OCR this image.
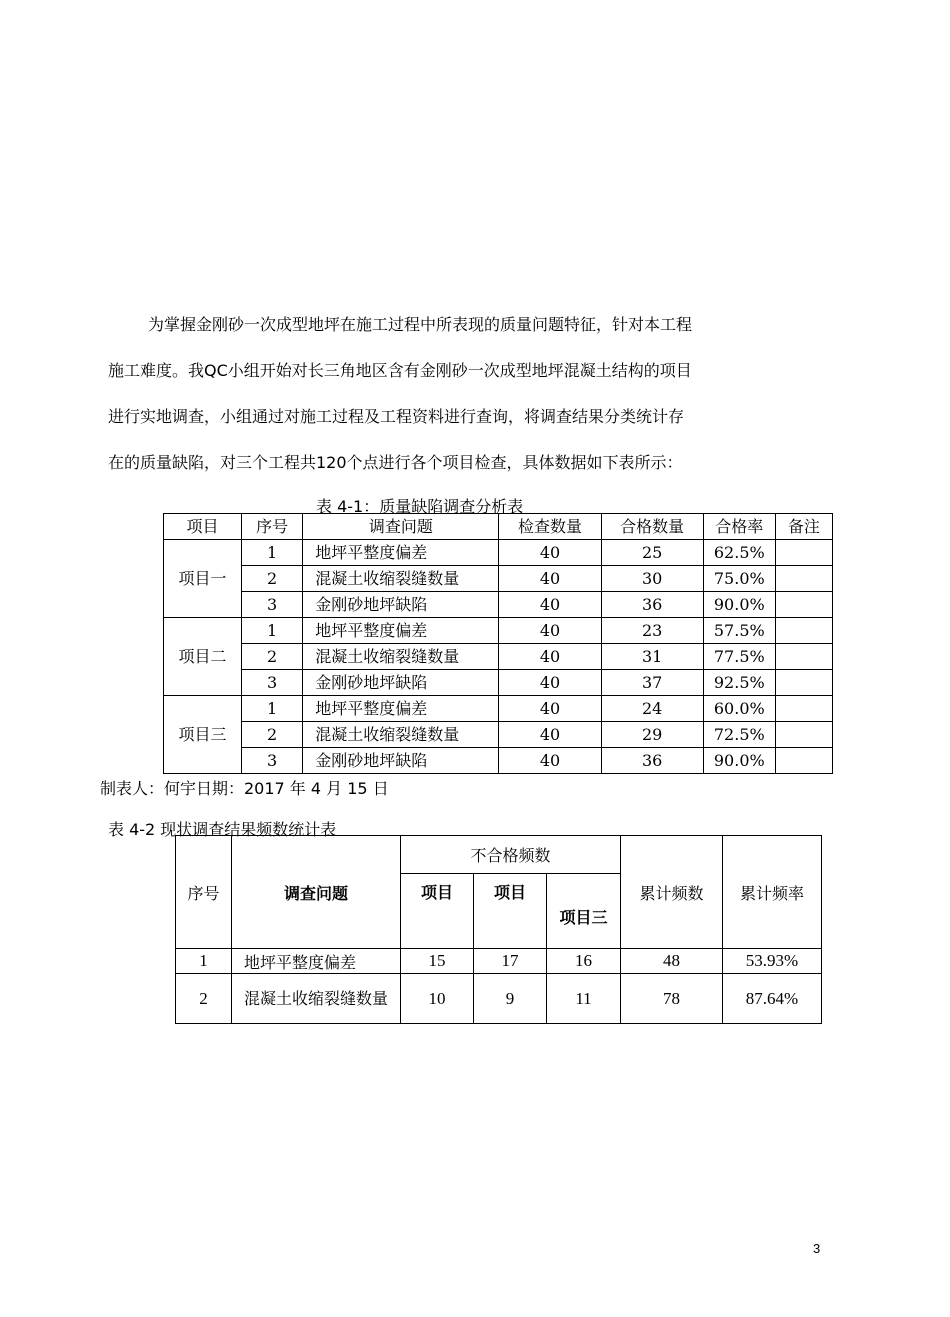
为掌握金刚砂一次成型地坪在施工过程中所表现的质量问题特征，针对本工程
施工难度。我QC小组开始对长三角地区含有金刚砂一次成型地坪混凝土结构的项目
进行实地调查，小组通过对施工过程及工程资料进行查询，将调查结果分类统计存
在的质量缺陷，对三个工程共120个点进行各个项目检查，具体数据如下表所示：
表 4-1：质量缺陷调查分析表
项目	序号	调查问题	检查数量	合格数量	合格率	备注
项目一	1	地坪平整度偏差	40	25	62.5%	
	2	混凝土收缩裂缝数量	40	30	75.0%	
	3	金刚砂地坪缺陷	40	36	90.0%	
项目二	1	地坪平整度偏差	40	23	57.5%	
	2	混凝土收缩裂缝数量	40	31	77.5%	
	3	金刚砂地坪缺陷	40	37	92.5%	
项目三	1	地坪平整度偏差	40	24	60.0%	
	2	混凝土收缩裂缝数量	40	29	72.5%	
	3	金刚砂地坪缺陷	40	36	90.0%	
制表人：何宇日期：2017 年 4 月 15 日
表 4-2 现状调查结果频数统计表
序号	调查问题	不合格频数			累计频数	累计频率
		项目	项目	项目三		
1	地坪平整度偏差	15	17	16	48	53.93%
2	混凝土收缩裂缝数量	10	9	11	78	87.64%
3
